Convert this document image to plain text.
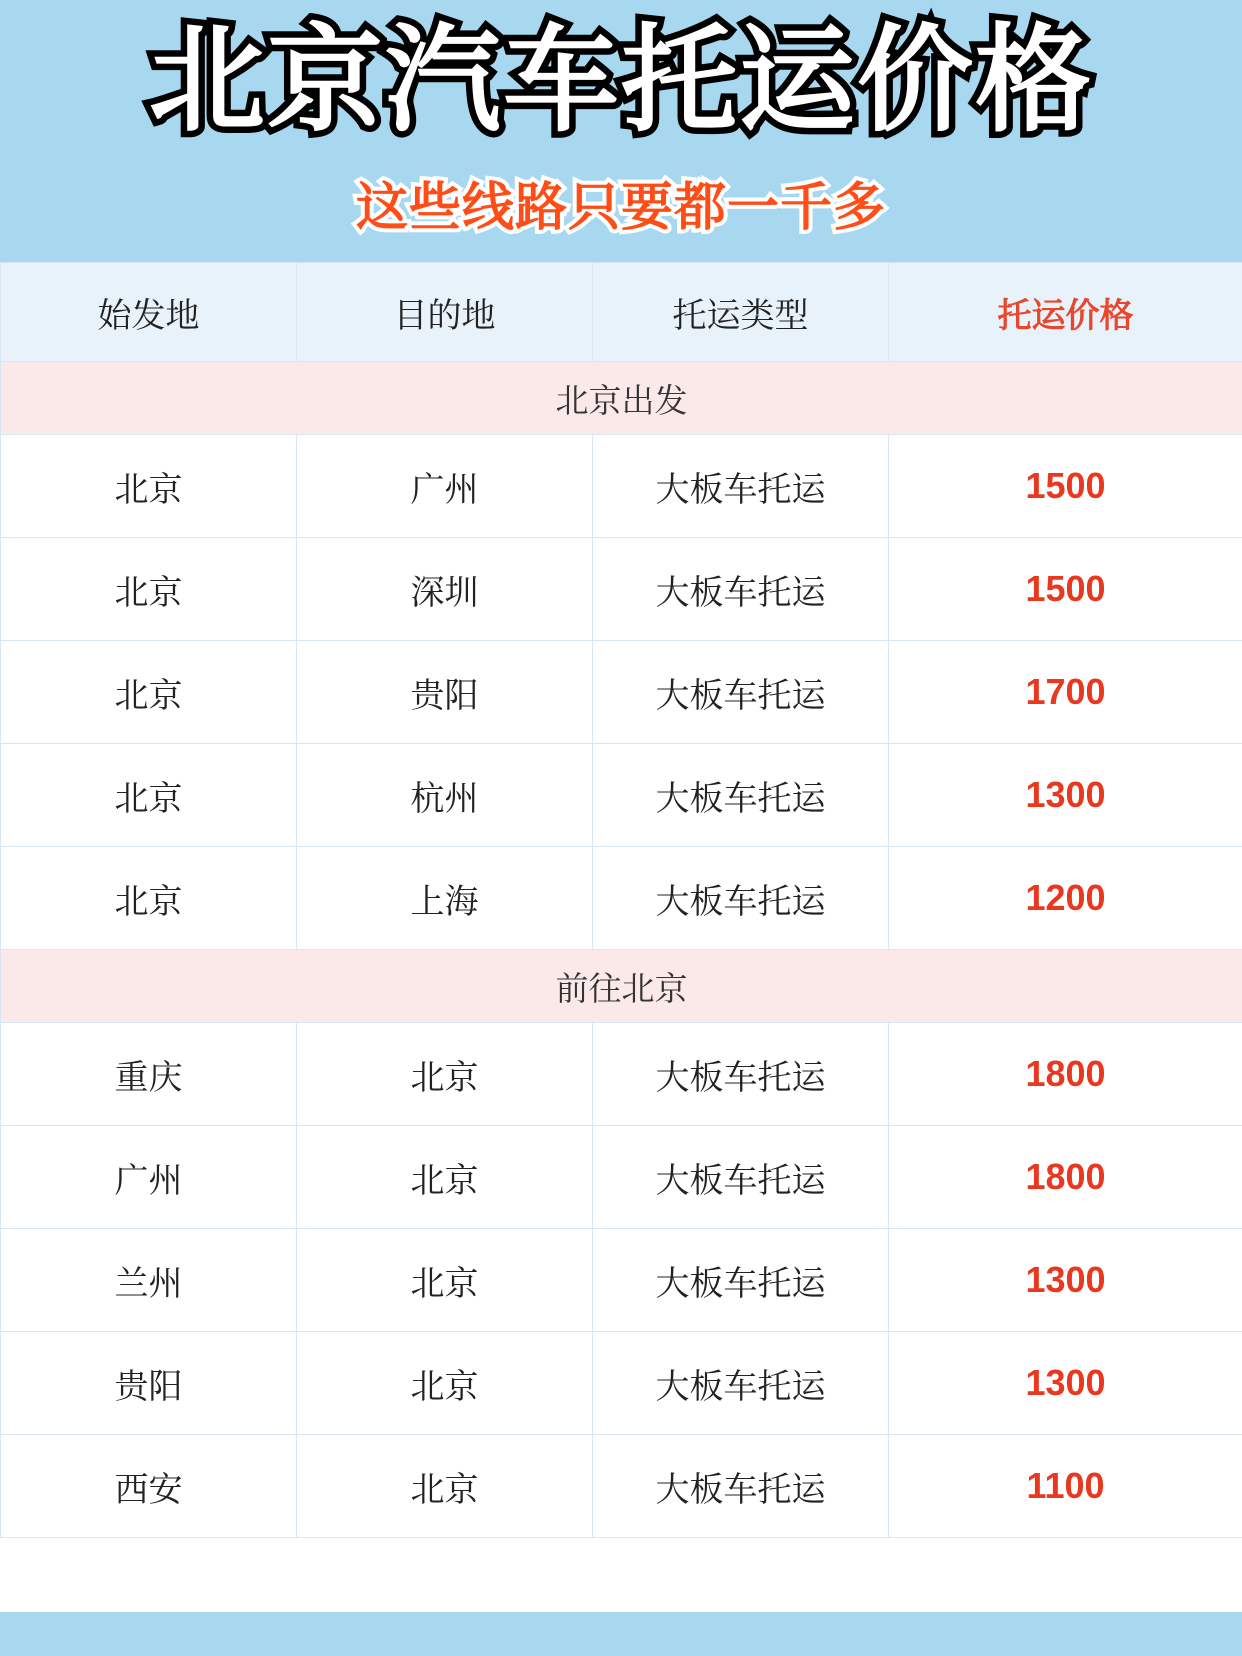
北京汽车托运价格
这些线路只要都一千多
始发地	目的地	托运类型	托运价格
北京出发			
北京	广州	大板车托运	1500
北京	深圳	大板车托运	1500
北京	贵阳	大板车托运	1700
北京	杭州	大板车托运	1300
北京	上海	大板车托运	1200
前往北京			
重庆	北京	大板车托运	1800
广州	北京	大板车托运	1800
兰州	北京	大板车托运	1300
贵阳	北京	大板车托运	1300
西安	北京	大板车托运	1100
